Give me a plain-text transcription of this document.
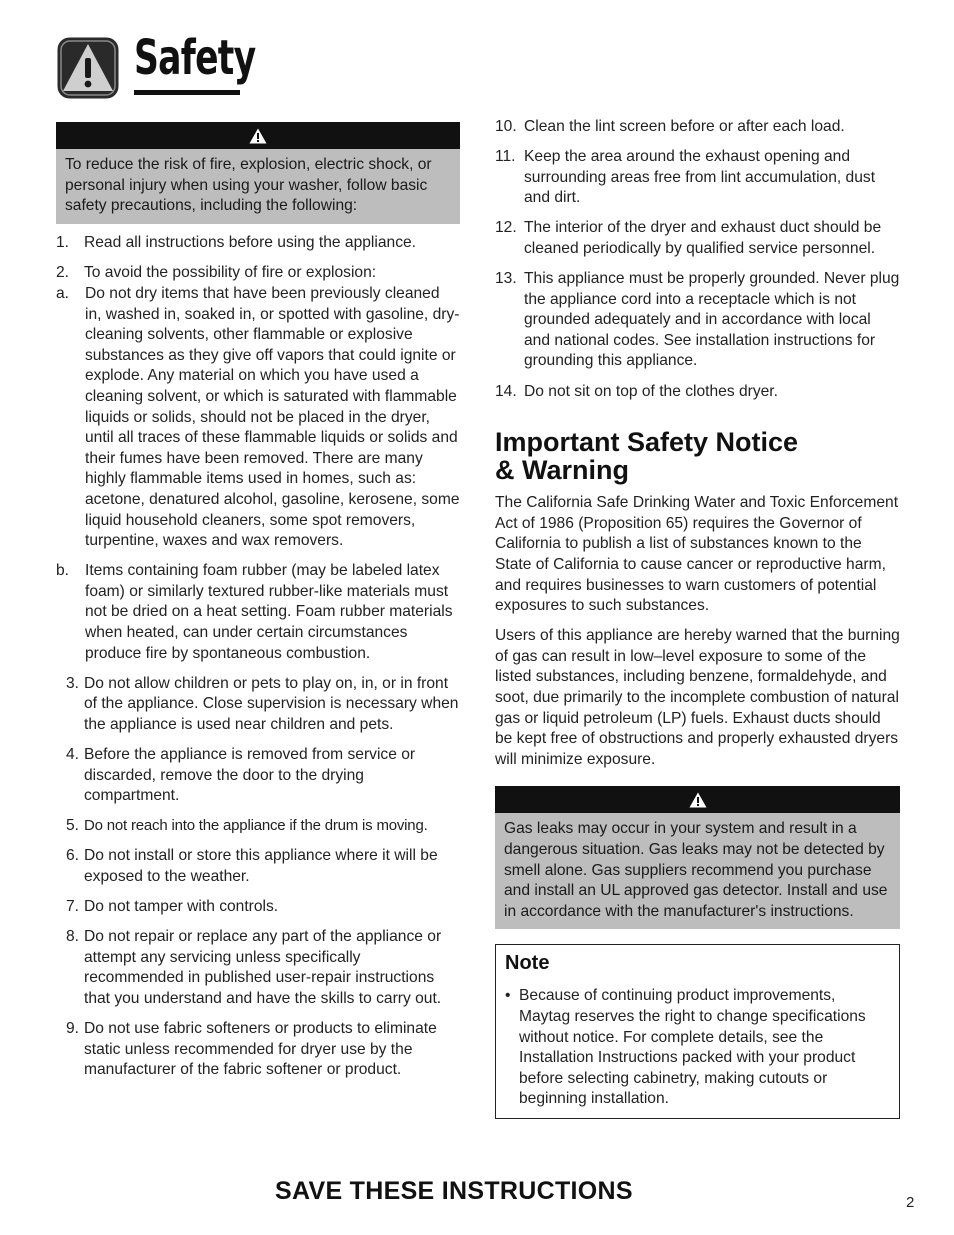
Safety
To reduce the risk of fire, explosion, electric shock, or personal injury when using your washer, follow basic safety precautions, including the following:
1. Read all instructions before using the appliance.
2. To avoid the possibility of fire or explosion:
a.	Do not dry items that have been previously cleaned in, washed in, soaked in, or spotted with gasoline, dry-cleaning solvents, other flammable or explosive substances as they give off vapors that could ignite or explode. Any material on which you have used a cleaning solvent, or which is saturated with flammable liquids or solids, should not be placed in the dryer, until all traces of these flammable liquids or solids and their fumes have been removed. There are many highly flammable items used in homes, such as: acetone, denatured alcohol, gasoline, kerosene, some liquid household cleaners, some spot removers, turpentine, waxes and wax removers.
b.	Items containing foam rubber (may be labeled latex foam) or similarly textured rubber-like materials must not be dried on a heat setting. Foam rubber materials when heated, can under certain circumstances produce fire by spontaneous combustion.
3. Do not allow children or pets to play on, in, or in front of the appliance. Close supervision is necessary when the appliance is used near children and pets.
4. Before the appliance is removed from service or discarded, remove the door to the drying compartment.
5. Do not reach into the appliance if the drum is moving.
6. Do not install or store this appliance where it will be exposed to the weather.
7. Do not tamper with controls.
8. Do not repair or replace any part of the appliance or attempt any servicing unless specifically recommended in published user-repair instructions that you understand and have the skills to carry out.
9. Do not use fabric softeners or products to eliminate static unless recommended for dryer use by the manufacturer of the fabric softener or product.
10. Clean the lint screen before or after each load.
11. Keep the area around the exhaust opening and surrounding areas free from lint accumulation, dust and dirt.
12. The interior of the dryer and exhaust duct should be cleaned periodically by qualified service personnel.
13. This appliance must be properly grounded. Never plug the appliance cord into a receptacle which is not grounded adequately and in accordance with local and national codes. See installation instructions for grounding this appliance.
14. Do not sit on top of the clothes dryer.
Important Safety Notice
& Warning

The California Safe Drinking Water and Toxic Enforcement Act of 1986 (Proposition 65) requires the Governor of California to publish a list of substances known to the State of California to cause cancer or reproductive harm, and requires businesses to warn customers of potential exposures to such substances.

Users of this appliance are hereby warned that the burning of gas can result in low–level exposure to some of the listed substances, including benzene, formaldehyde, and soot, due primarily to the incomplete combustion of natural gas or liquid petroleum (LP) fuels. Exhaust ducts should be kept free of obstructions and properly exhausted dryers will minimize exposure.

Gas leaks may occur in your system and result in a dangerous situation. Gas leaks may not be detected by smell alone. Gas suppliers recommend you purchase and install an UL approved gas detector. Install and use in accordance with the manufacturer's instructions.

Note

• Because of continuing product improvements, Maytag reserves the right to change specifications without notice. For complete details, see the Installation Instructions packed with your product before selecting cabinetry, making cutouts or beginning installation.

SAVE THESE INSTRUCTIONS	2
